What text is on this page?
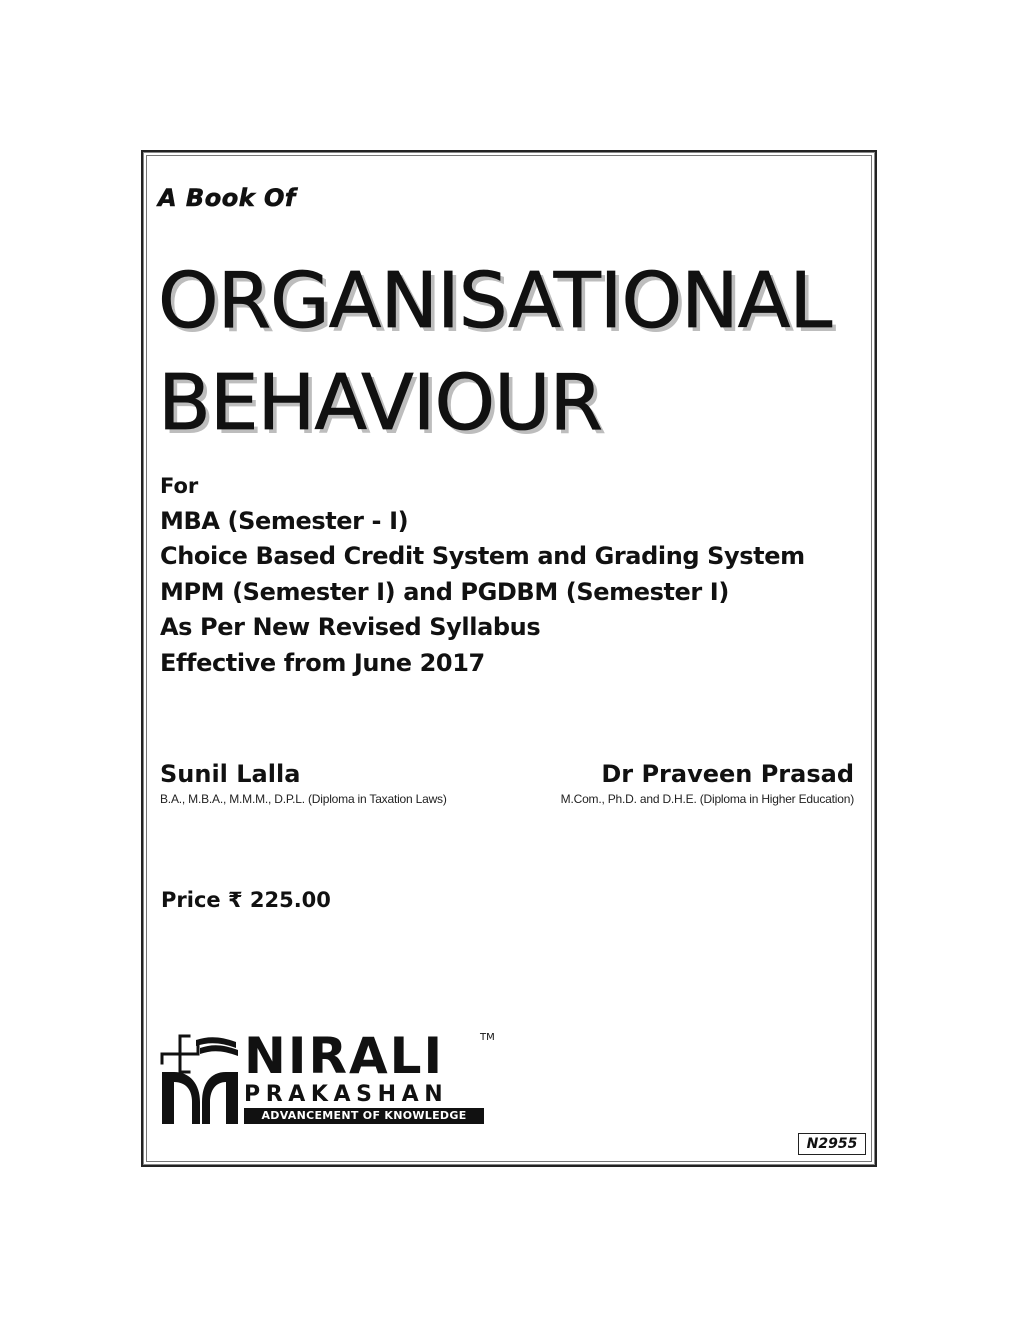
A Book Of
ORGANISATIONAL
BEHAVIOUR
For
MBA (Semester - I)
Choice Based Credit System and Grading System
MPM (Semester I) and PGDBM (Semester I)
As Per New Revised Syllabus
Effective from June 2017
Sunil Lalla
B.A., M.B.A., M.M.M., D.P.L. (Diploma in Taxation Laws)
Dr Praveen Prasad
M.Com., Ph.D. and D.H.E. (Diploma in Higher Education)
Price ₹ 225.00
NIRALI	TM
PRAKASHAN
ADVANCEMENT OF KNOWLEDGE
N2955
